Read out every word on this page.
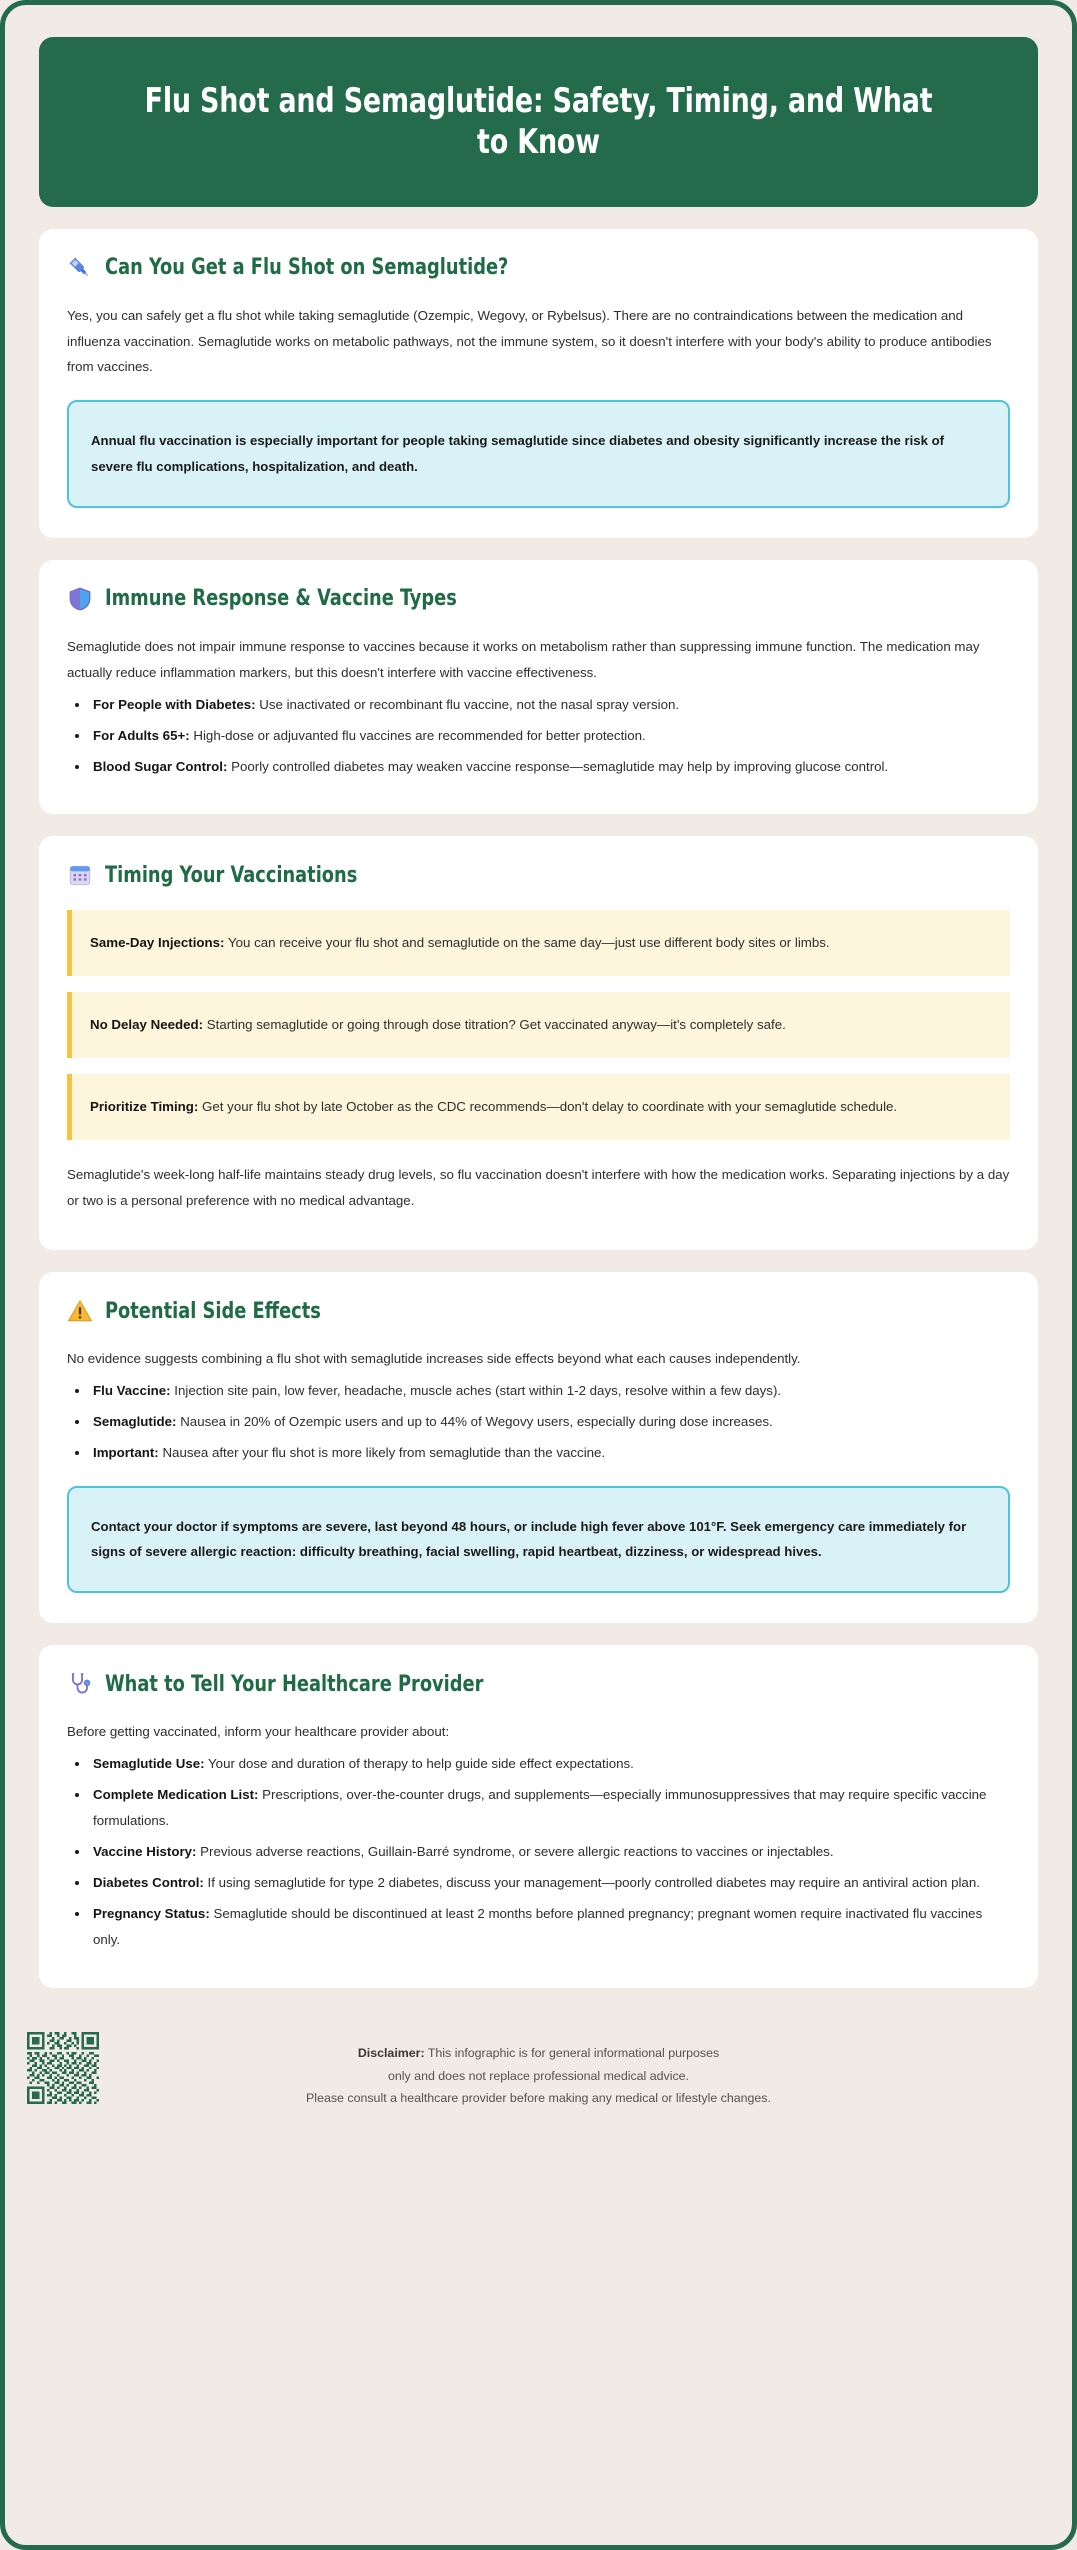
Flu Shot and Semaglutide: Safety, Timing, and What to Know
Can You Get a Flu Shot on Semaglutide?

Yes, you can safely get a flu shot while taking semaglutide (Ozempic, Wegovy, or Rybelsus). There are no contraindications between the medication and influenza vaccination. Semaglutide works on metabolic pathways, not the immune system, so it doesn't interfere with your body's ability to produce antibodies from vaccines.

Annual flu vaccination is especially important for people taking semaglutide since diabetes and obesity significantly increase the risk of severe flu complications, hospitalization, and death.
Immune Response & Vaccine Types

Semaglutide does not impair immune response to vaccines because it works on metabolism rather than suppressing immune function. The medication may actually reduce inflammation markers, but this doesn't interfere with vaccine effectiveness.

For People with Diabetes: Use inactivated or recombinant flu vaccine, not the nasal spray version.
For Adults 65+: High-dose or adjuvanted flu vaccines are recommended for better protection.
Blood Sugar Control: Poorly controlled diabetes may weaken vaccine response—semaglutide may help by improving glucose control.
Timing Your Vaccinations
Same-Day Injections: You can receive your flu shot and semaglutide on the same day—just use different body sites or limbs.
No Delay Needed: Starting semaglutide or going through dose titration? Get vaccinated anyway—it's completely safe.
Prioritize Timing: Get your flu shot by late October as the CDC recommends—don't delay to coordinate with your semaglutide schedule.

Semaglutide's week-long half-life maintains steady drug levels, so flu vaccination doesn't interfere with how the medication works. Separating injections by a day or two is a personal preference with no medical advantage.

Potential Side Effects

No evidence suggests combining a flu shot with semaglutide increases side effects beyond what each causes independently.

Flu Vaccine: Injection site pain, low fever, headache, muscle aches (start within 1-2 days, resolve within a few days).
Semaglutide: Nausea in 20% of Ozempic users and up to 44% of Wegovy users, especially during dose increases.
Important: Nausea after your flu shot is more likely from semaglutide than the vaccine.
Contact your doctor if symptoms are severe, last beyond 48 hours, or include high fever above 101°F. Seek emergency care immediately for signs of severe allergic reaction: difficulty breathing, facial swelling, rapid heartbeat, dizziness, or widespread hives.
What to Tell Your Healthcare Provider

Before getting vaccinated, inform your healthcare provider about:

Semaglutide Use: Your dose and duration of therapy to help guide side effect expectations.
Complete Medication List: Prescriptions, over-the-counter drugs, and supplements—especially immunosuppressives that may require specific vaccine formulations.
Vaccine History: Previous adverse reactions, Guillain-Barré syndrome, or severe allergic reactions to vaccines or injectables.
Diabetes Control: If using semaglutide for type 2 diabetes, discuss your management—poorly controlled diabetes may require an antiviral action plan.
Pregnancy Status: Semaglutide should be discontinued at least 2 months before planned pregnancy; pregnant women require inactivated flu vaccines only.
Disclaimer: This infographic is for general informational purposes
only and does not replace professional medical advice.
Please consult a healthcare provider before making any medical or lifestyle changes.
